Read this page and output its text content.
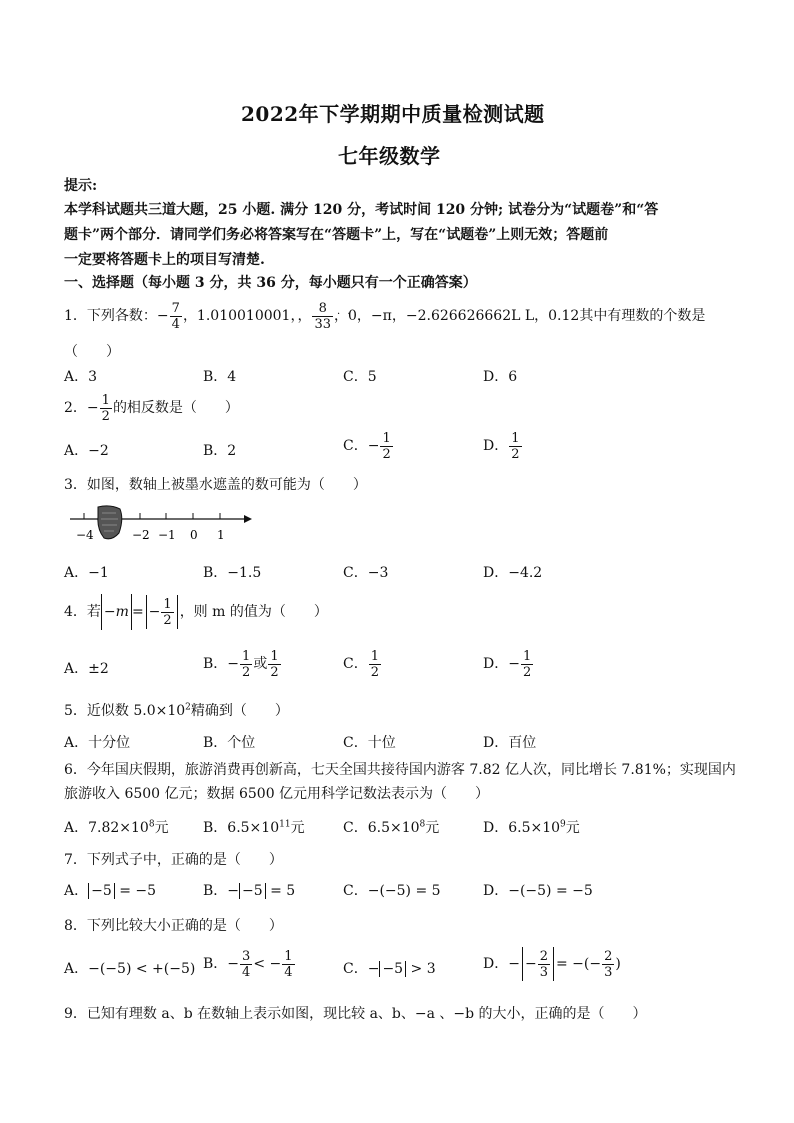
2022年下学期期中质量检测试题
七年级数学
提示:
本学科试题共三道大题，25 小题. 满分 120 分，考试时间 120 分钟; 试卷分为“试题卷”和“答
题卡”两个部分．请同学们务必将答案写在“答题卡”上，写在“试题卷”上则无效；答题前
一定要将答题卡上的项目写清楚.
一、选择题（每小题 3 分，共 36 分，每小题只有一个正确答案）
1．下列各数：− $\frac{7}{4}$ ，1.010010001，， $\frac{8}{33}$
· · ，0，−π，−2.626626662L L，0.12其中有理数的个数是
（　　）
A．3	B．4	C．5	D．6
2．− $\frac{1}{2}$ 的相反数是（　　）
A．−2	B．2	C．− $\frac{1}{2}$	D． $\frac{1}{2}$
3．如图，数轴上被墨水遮盖的数可能为（　　）
−4	−2 −1 0 1
A．−1	B．−1.5	C．−3	D．−4.2
4．若 −m = − $\frac{1}{2}$ ，则 m 的值为（　　）
A．±2	B．− $\frac{1}{2}$ 或 $\frac{1}{2}$	C． $\frac{1}{2}$	D．− $\frac{1}{2}$
5．近似数 $5.0\times 10^2$精确到（　　）
A．十分位	B．个位	C．十位	D．百位
6．今年国庆假期，旅游消费再创新高，七天全国共接待国内游客 7.82 亿人次，同比增长 7.81%；实现国内
旅游收入 6500 亿元；数据 6500 亿元用科学记数法表示为（　　）
A．$7.82\times 10^8$元 B．$6.5\times 10^{11}$元	C．$6.5\times 10^8$元	D．$6.5\times 10^9$元
7．下列式子中，正确的是（　　）
A． −5 = −5	B．− −5 = 5	C．−(−5) = 5	D．−(−5) = −5
8．下列比较大小正确的是（　　）
A．−(−5) < +(−5) B．− $\frac{3}{4}$ < − $\frac{1}{4}$	C．− −5 > 3	D．− − $\frac{2}{3}$ = −(− $\frac{2}{3}$ )
9．已知有理数 a、b 在数轴上表示如图，现比较 a、b、−a 、−b 的大小，正确的是（　　）
